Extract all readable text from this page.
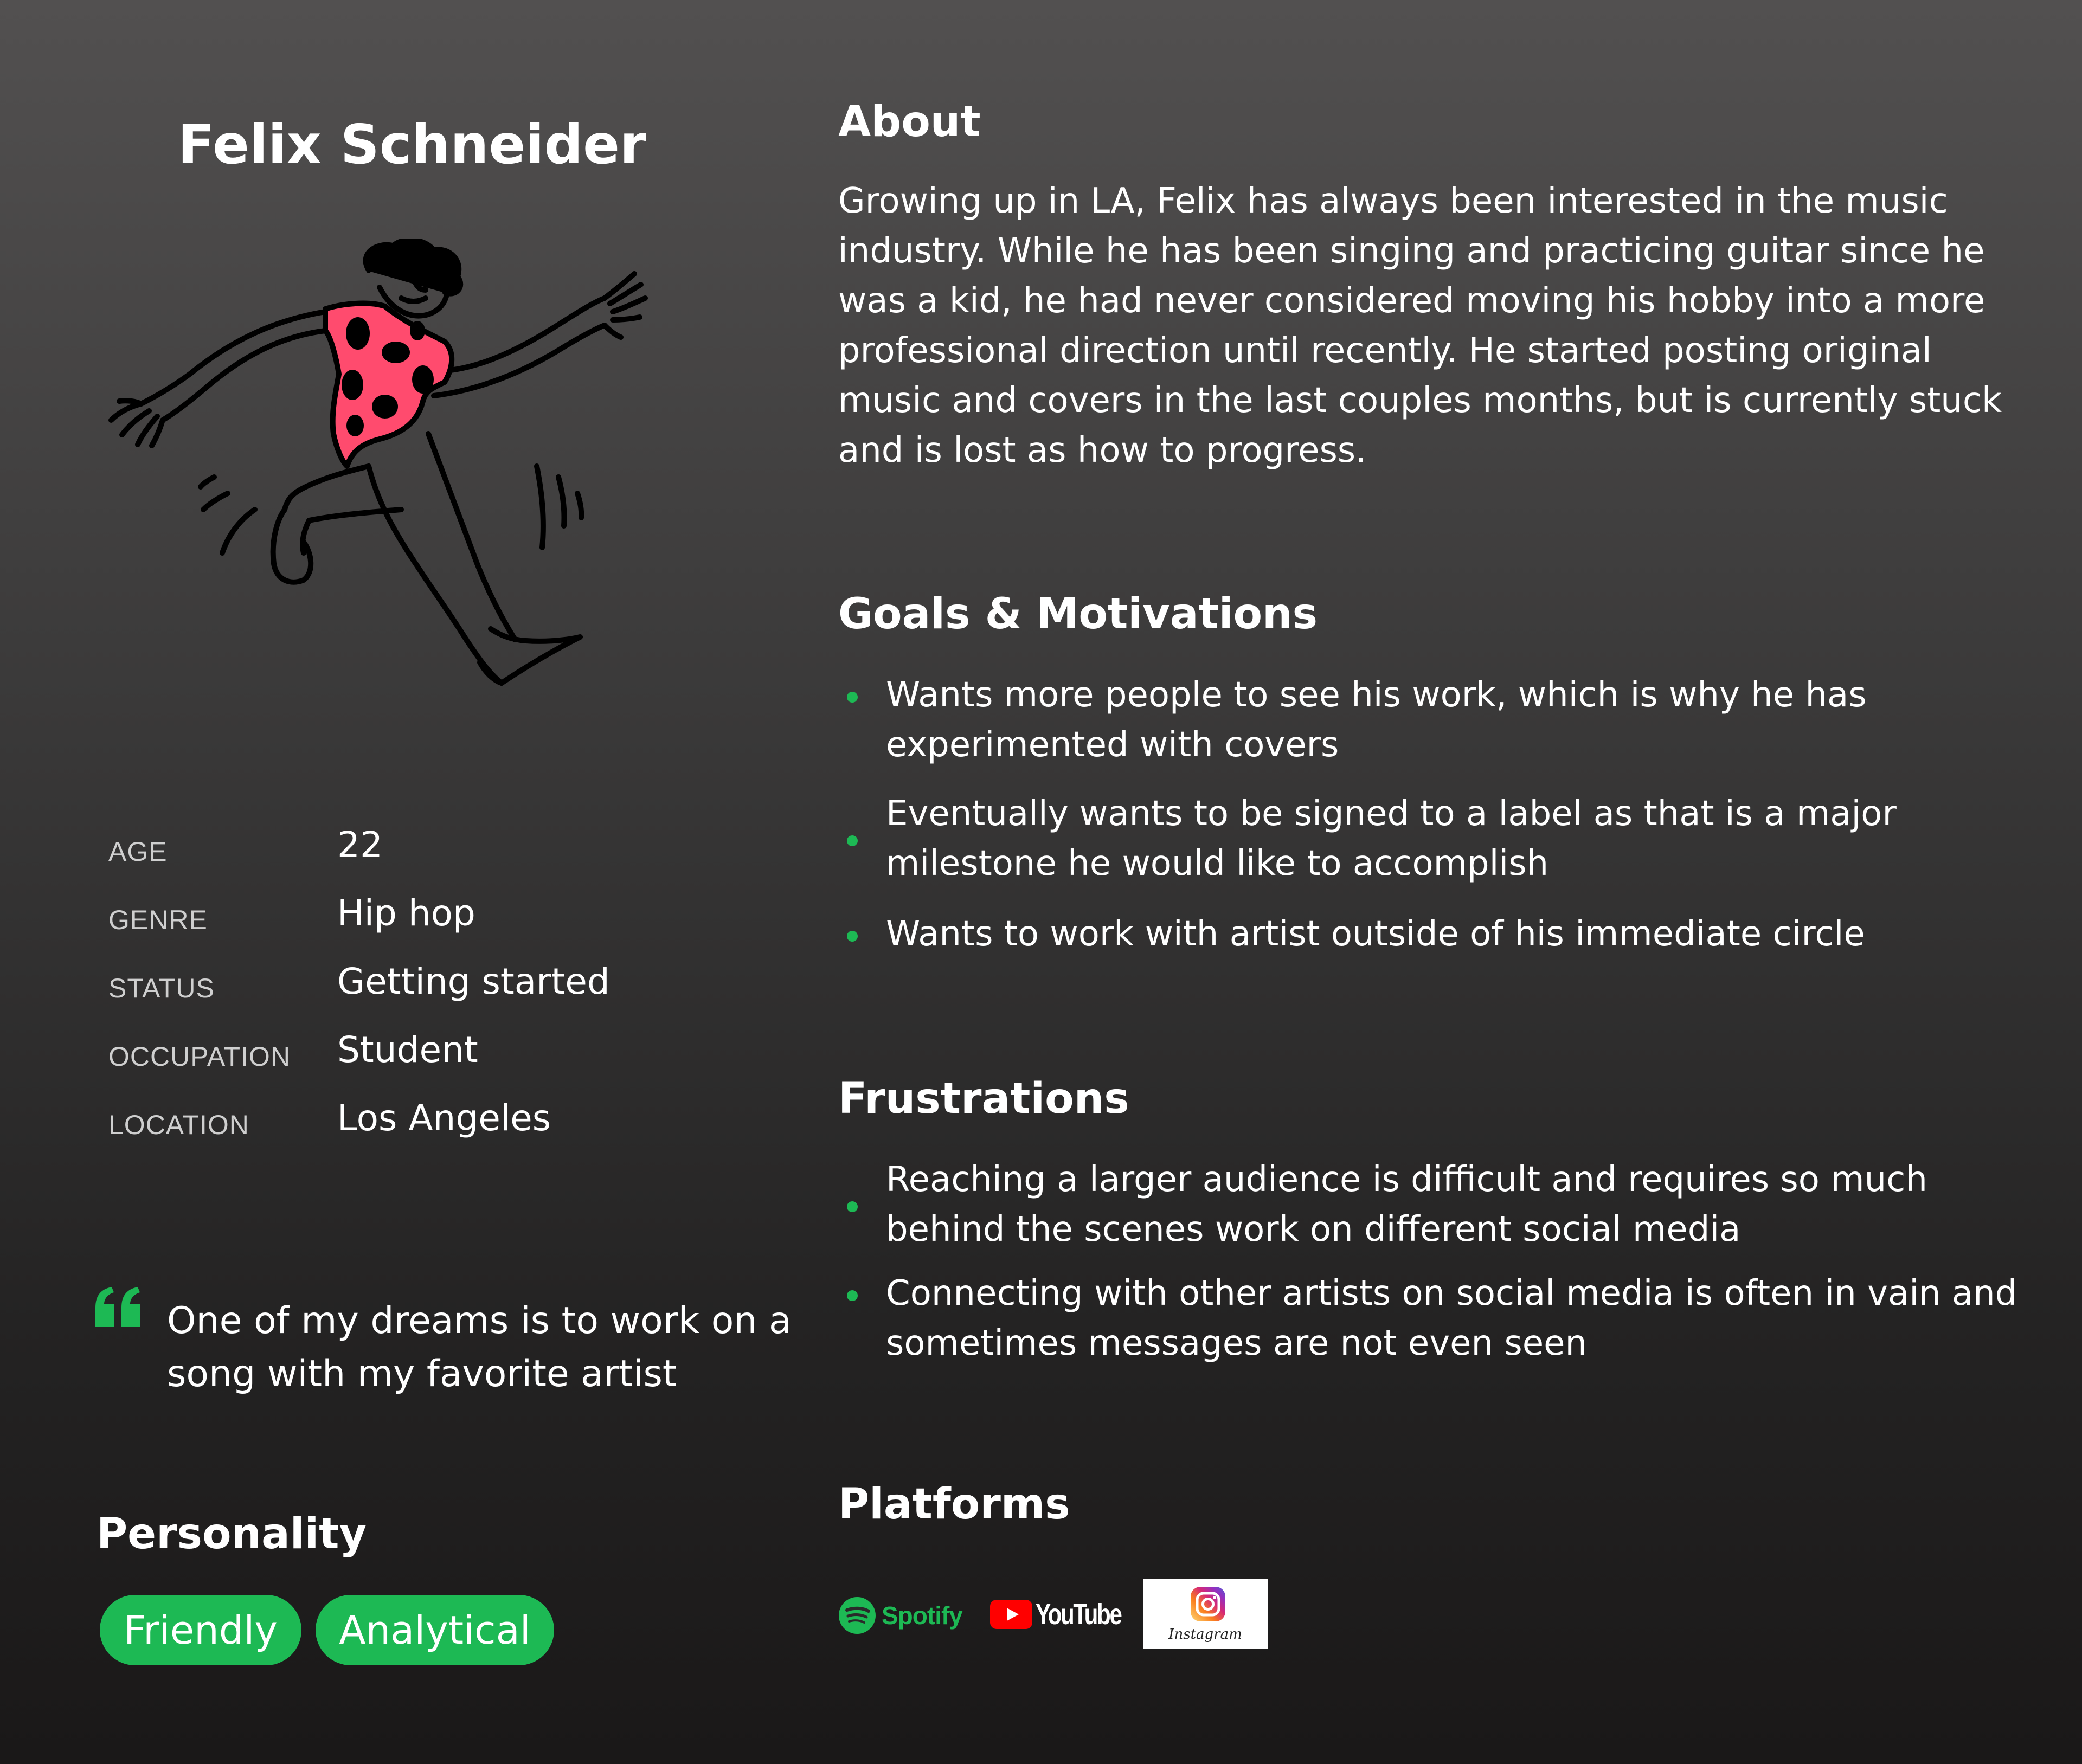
Felix Schneider
AGE	22
GENRE	Hip hop
STATUS	Getting started
OCCUPATION Student
LOCATION Los Angeles
One of my dreams is to work on a song with my favorite artist
Personality
Friendly	Analytical
About
Growing up in LA, Felix has always been interested in the music industry. While he has been singing and practicing guitar since he was a kid, he had never considered moving his hobby into a more professional direction until recently. He started posting original music and covers in the last couples months, but is currently stuck and is lost as how to progress.
Goals & Motivations
Wants more people to see his work, which is why he has experimented with covers
Eventually wants to be signed to a label as that is a major milestone he would like to accomplish
Wants to work with artist outside of his immediate circle
Frustrations
Reaching a larger audience is difficult and requires so much behind the scenes work on different social media
Connecting with other artists on social media is often in vain and sometimes messages are not even seen
Platforms
Spotify	YouTube
Instagram
